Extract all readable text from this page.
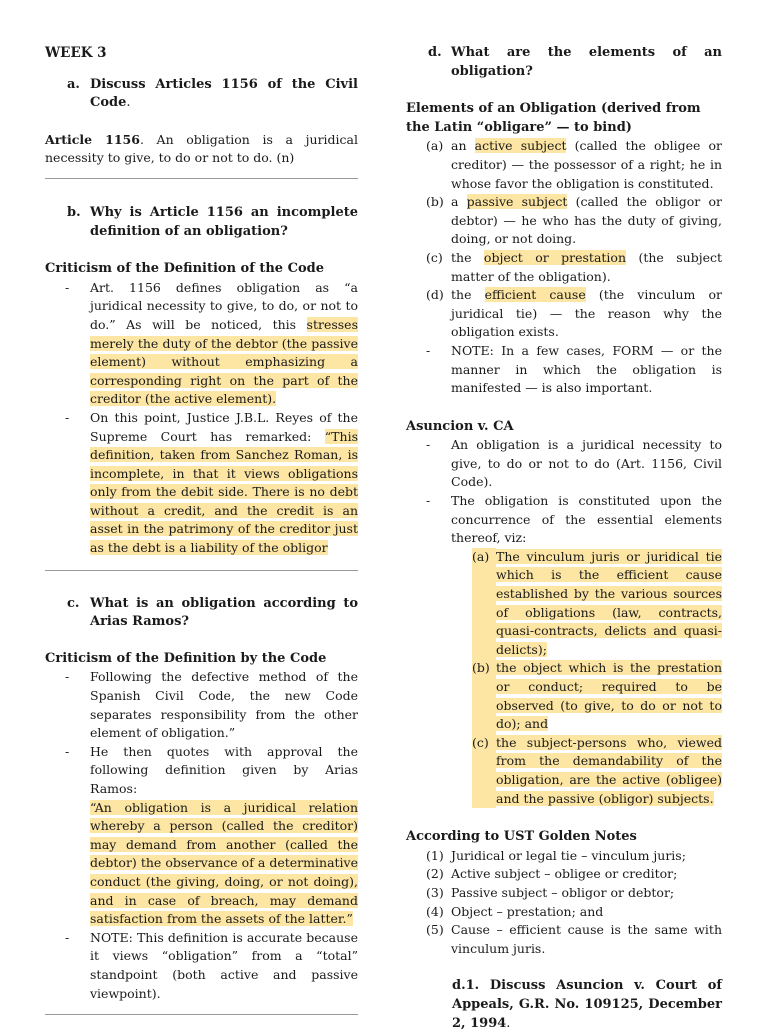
WEEK 3
a. Discuss Articles 1156 of the Civil Code.

Article 1156. An obligation is a juridical necessity to give, to do or not to do. (n)

b. Why is Article 1156 an incomplete definition of an obligation?

Criticism of the Definition of the Code

-	Art. 1156 defines obligation as “a juridical necessity to give, to do, or not to do.” As will be noticed, this stresses merely the duty of the debtor (the passive element) without emphasizing a corresponding right on the part of the creditor (the active element).
-	On this point, Justice J.B.L. Reyes of the Supreme Court has remarked: “This definition, taken from Sanchez Roman, is incomplete, in that it views obligations only from the debit side. There is no debt without a credit, and the credit is an asset in the patrimony of the creditor just as the debt is a liability of the obligor
c. What is an obligation according to Arias Ramos?

Criticism of the Definition by the Code

-	Following the defective method of the Spanish Civil Code, the new Code separates responsibility from the other element of obligation.”
-	He then quotes with approval the following definition given by Arias Ramos:
“An obligation is a juridical relation whereby a person (called the creditor) may demand from another (called the debtor) the observance of a determinative conduct (the giving, doing, or not doing), and in case of breach, may demand satisfaction from the assets of the latter.”
-	NOTE: This definition is accurate because it views “obligation” from a “total” standpoint (both active and passive viewpoint).
d. What are the elements of an obligation?

Elements of an Obligation (derived from the Latin “obligare” — to bind)

(a) an active subject (called the obligee or creditor) — the possessor of a right; he in whose favor the obligation is constituted.
(b) a passive subject (called the obligor or debtor) — he who has the duty of giving, doing, or not doing.
(c) the object or prestation (the subject matter of the obligation).
(d) the efficient cause (the vinculum or juridical tie) — the reason why the obligation exists.
-	NOTE: In a few cases, FORM — or the manner in which the obligation is manifested — is also important.

Asuncion v. CA

-	An obligation is a juridical necessity to give, to do or not to do (Art. 1156, Civil Code).
-	The obligation is constituted upon the concurrence of the essential elements thereof, viz:
(a) The vinculum juris or juridical tie which is the efficient cause established by the various sources of obligations (law, contracts, quasi-contracts, delicts and quasi-delicts);
(b) the object which is the prestation or conduct; required to be observed (to give, to do or not to do); and
(c) the subject-persons who, viewed from the demandability of the obligation, are the active (obligee) and the passive (obligor) subjects.

According to UST Golden Notes

(1) Juridical or legal tie – vinculum juris;
(2) Active subject – obligee or creditor;
(3) Passive subject – obligor or debtor;
(4) Object – prestation; and
(5) Cause – efficient cause is the same with vinculum juris.

d.1. Discuss Asuncion v. Court of Appeals, G.R. No. 109125, December 2, 1994.
